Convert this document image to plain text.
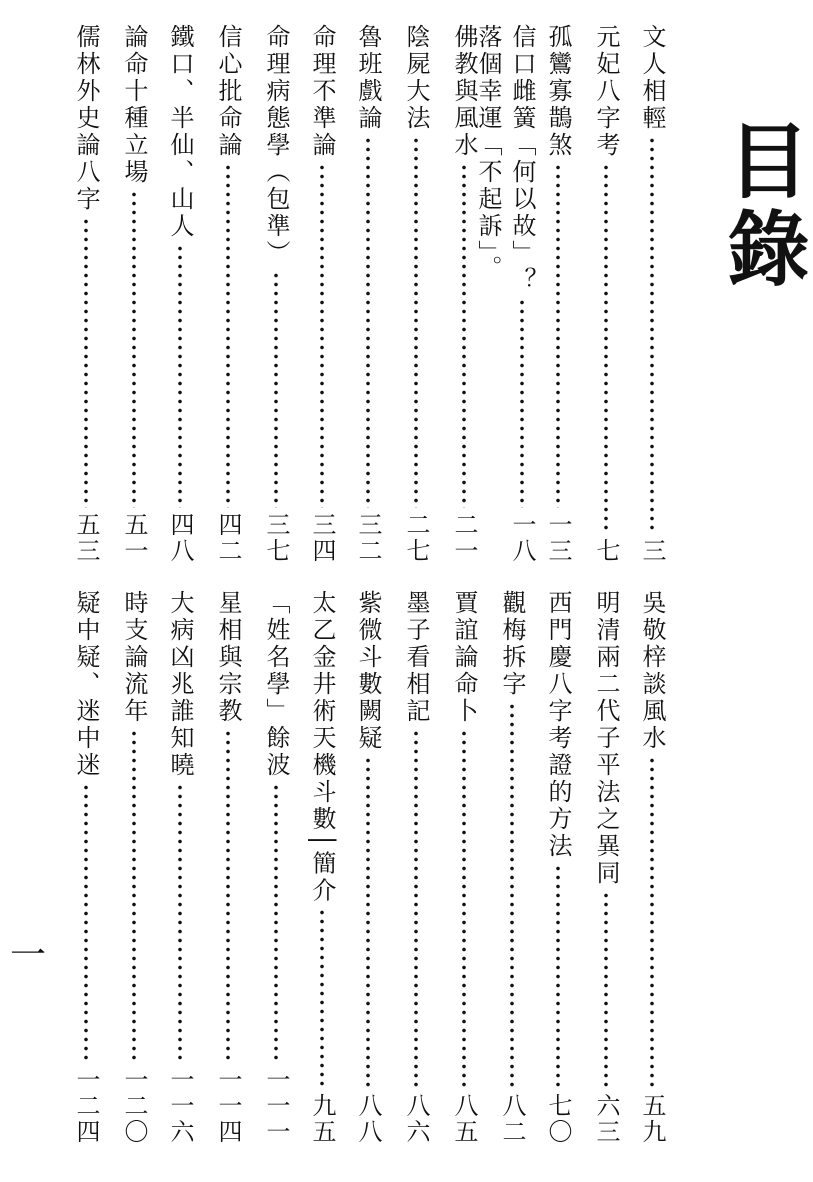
目錄
文人相輕
三
元妃八字考
七
孤鸞寡鵲煞
一三
信口雌簧「何以故」？
一八
落個幸運「不起訴」。
佛教與風水
二一
陰屍大法
二七
魯班戲論
三二
命理不準論
三四
命理病態學（包準）
三七
信心批命論
四二
鐵口、半仙、山人
四八
論命十種立場
五一
儒林外史論八字
五三
吳敬梓談風水
五九
明清兩二代子平法之異同
六三
西門慶八字考證的方法
七〇
觀梅拆字
八二
賈誼論命卜
八五
墨子看相記
八六
紫微斗數闕疑
八八
太乙金井術天機斗數│簡介
九五
「姓名學」餘波
一一一
星相與宗教
一一四
大病凶兆誰知曉
一一六
時支論流年
一二〇
疑中疑、迷中迷
一二四
一
